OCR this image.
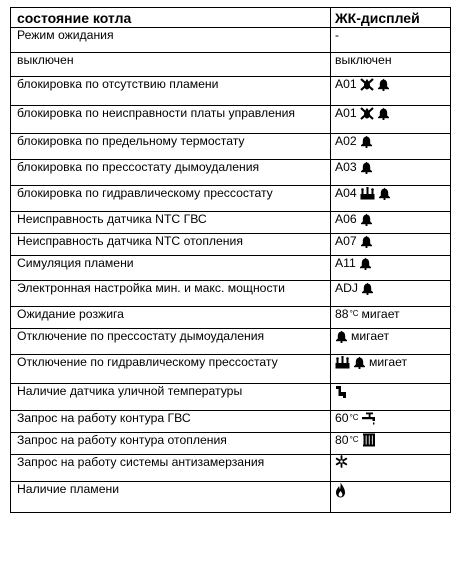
состояние котла	ЖК-дисплей
Режим ожидания	-

выключен	выключен

блокировка по отсутствию пламени	A01

блокировка по неисправности платы управления	A01

блокировка по предельному термостату	A02

блокировка по прессостату дымоудаления	A03

блокировка по гидравлическому прессостату	A04

Неисправность датчика NTC ГВС	A06

Неисправность датчика NTC отопления	A07

Симуляция пламени	A11

Электронная настройка мин. и макс. мощности	ADJ

Ожидание розжига	88 °C мигает

Отключение по прессостату дымоудаления	мигает

Отключение по гидравлическому прессостату	мигает

Наличие датчика уличной температуры	

Запрос на работу контура ГВС	60 °C

Запрос на работу контура отопления	80 °C

Запрос на работу системы антизамерзания	

Наличие пламени	
